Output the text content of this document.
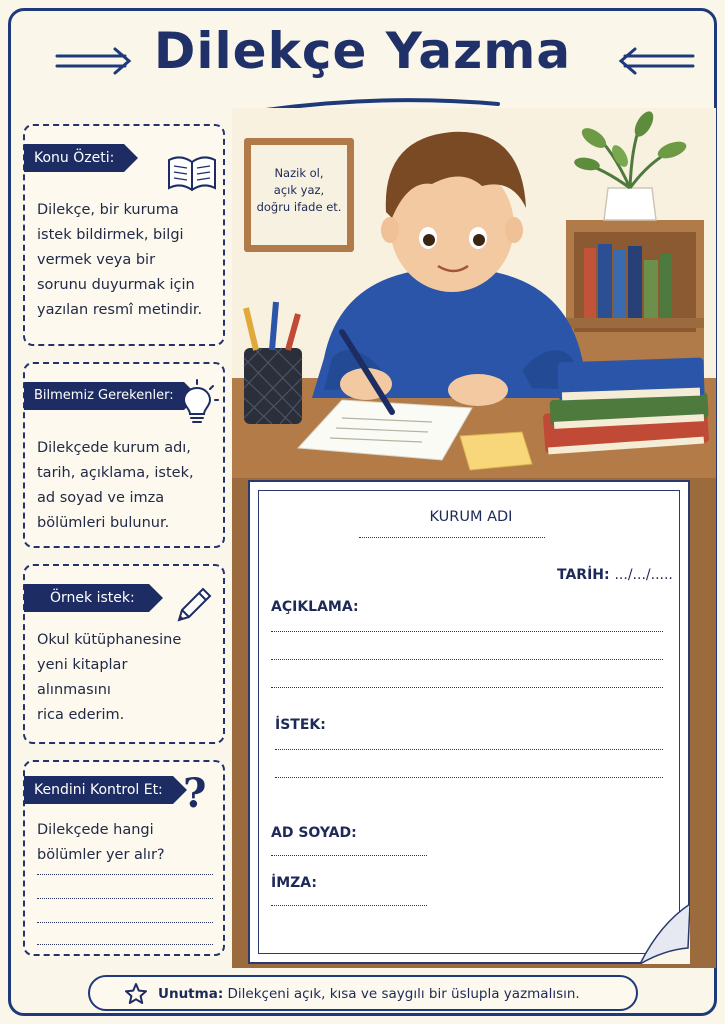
Dilekçe Yazma
Konu Özeti:
Dilekçe, bir kuruma
istek bildirmek, bilgi
vermek veya bir
sorunu duyurmak için
yazılan resmî metindir.
Bilmemiz Gerekenler:
Dilekçede kurum adı,
tarih, açıklama, istek,
ad soyad ve imza
bölümleri bulunur.
Örnek istek:
Okul kütüphanesine
yeni kitaplar
alınmasını
rica ederim.
Kendini Kontrol Et: ?
Dilekçede hangi
bölümler yer alır?
Nazik ol,
açık yaz,
doğru ifade et.
KURUM ADI
TARİH: .../.../.....
AÇIKLAMA:
İSTEK:
AD SOYAD:
İMZA:
Unutma: Dilekçeni açık, kısa ve saygılı bir üslupla yazmalısın.
